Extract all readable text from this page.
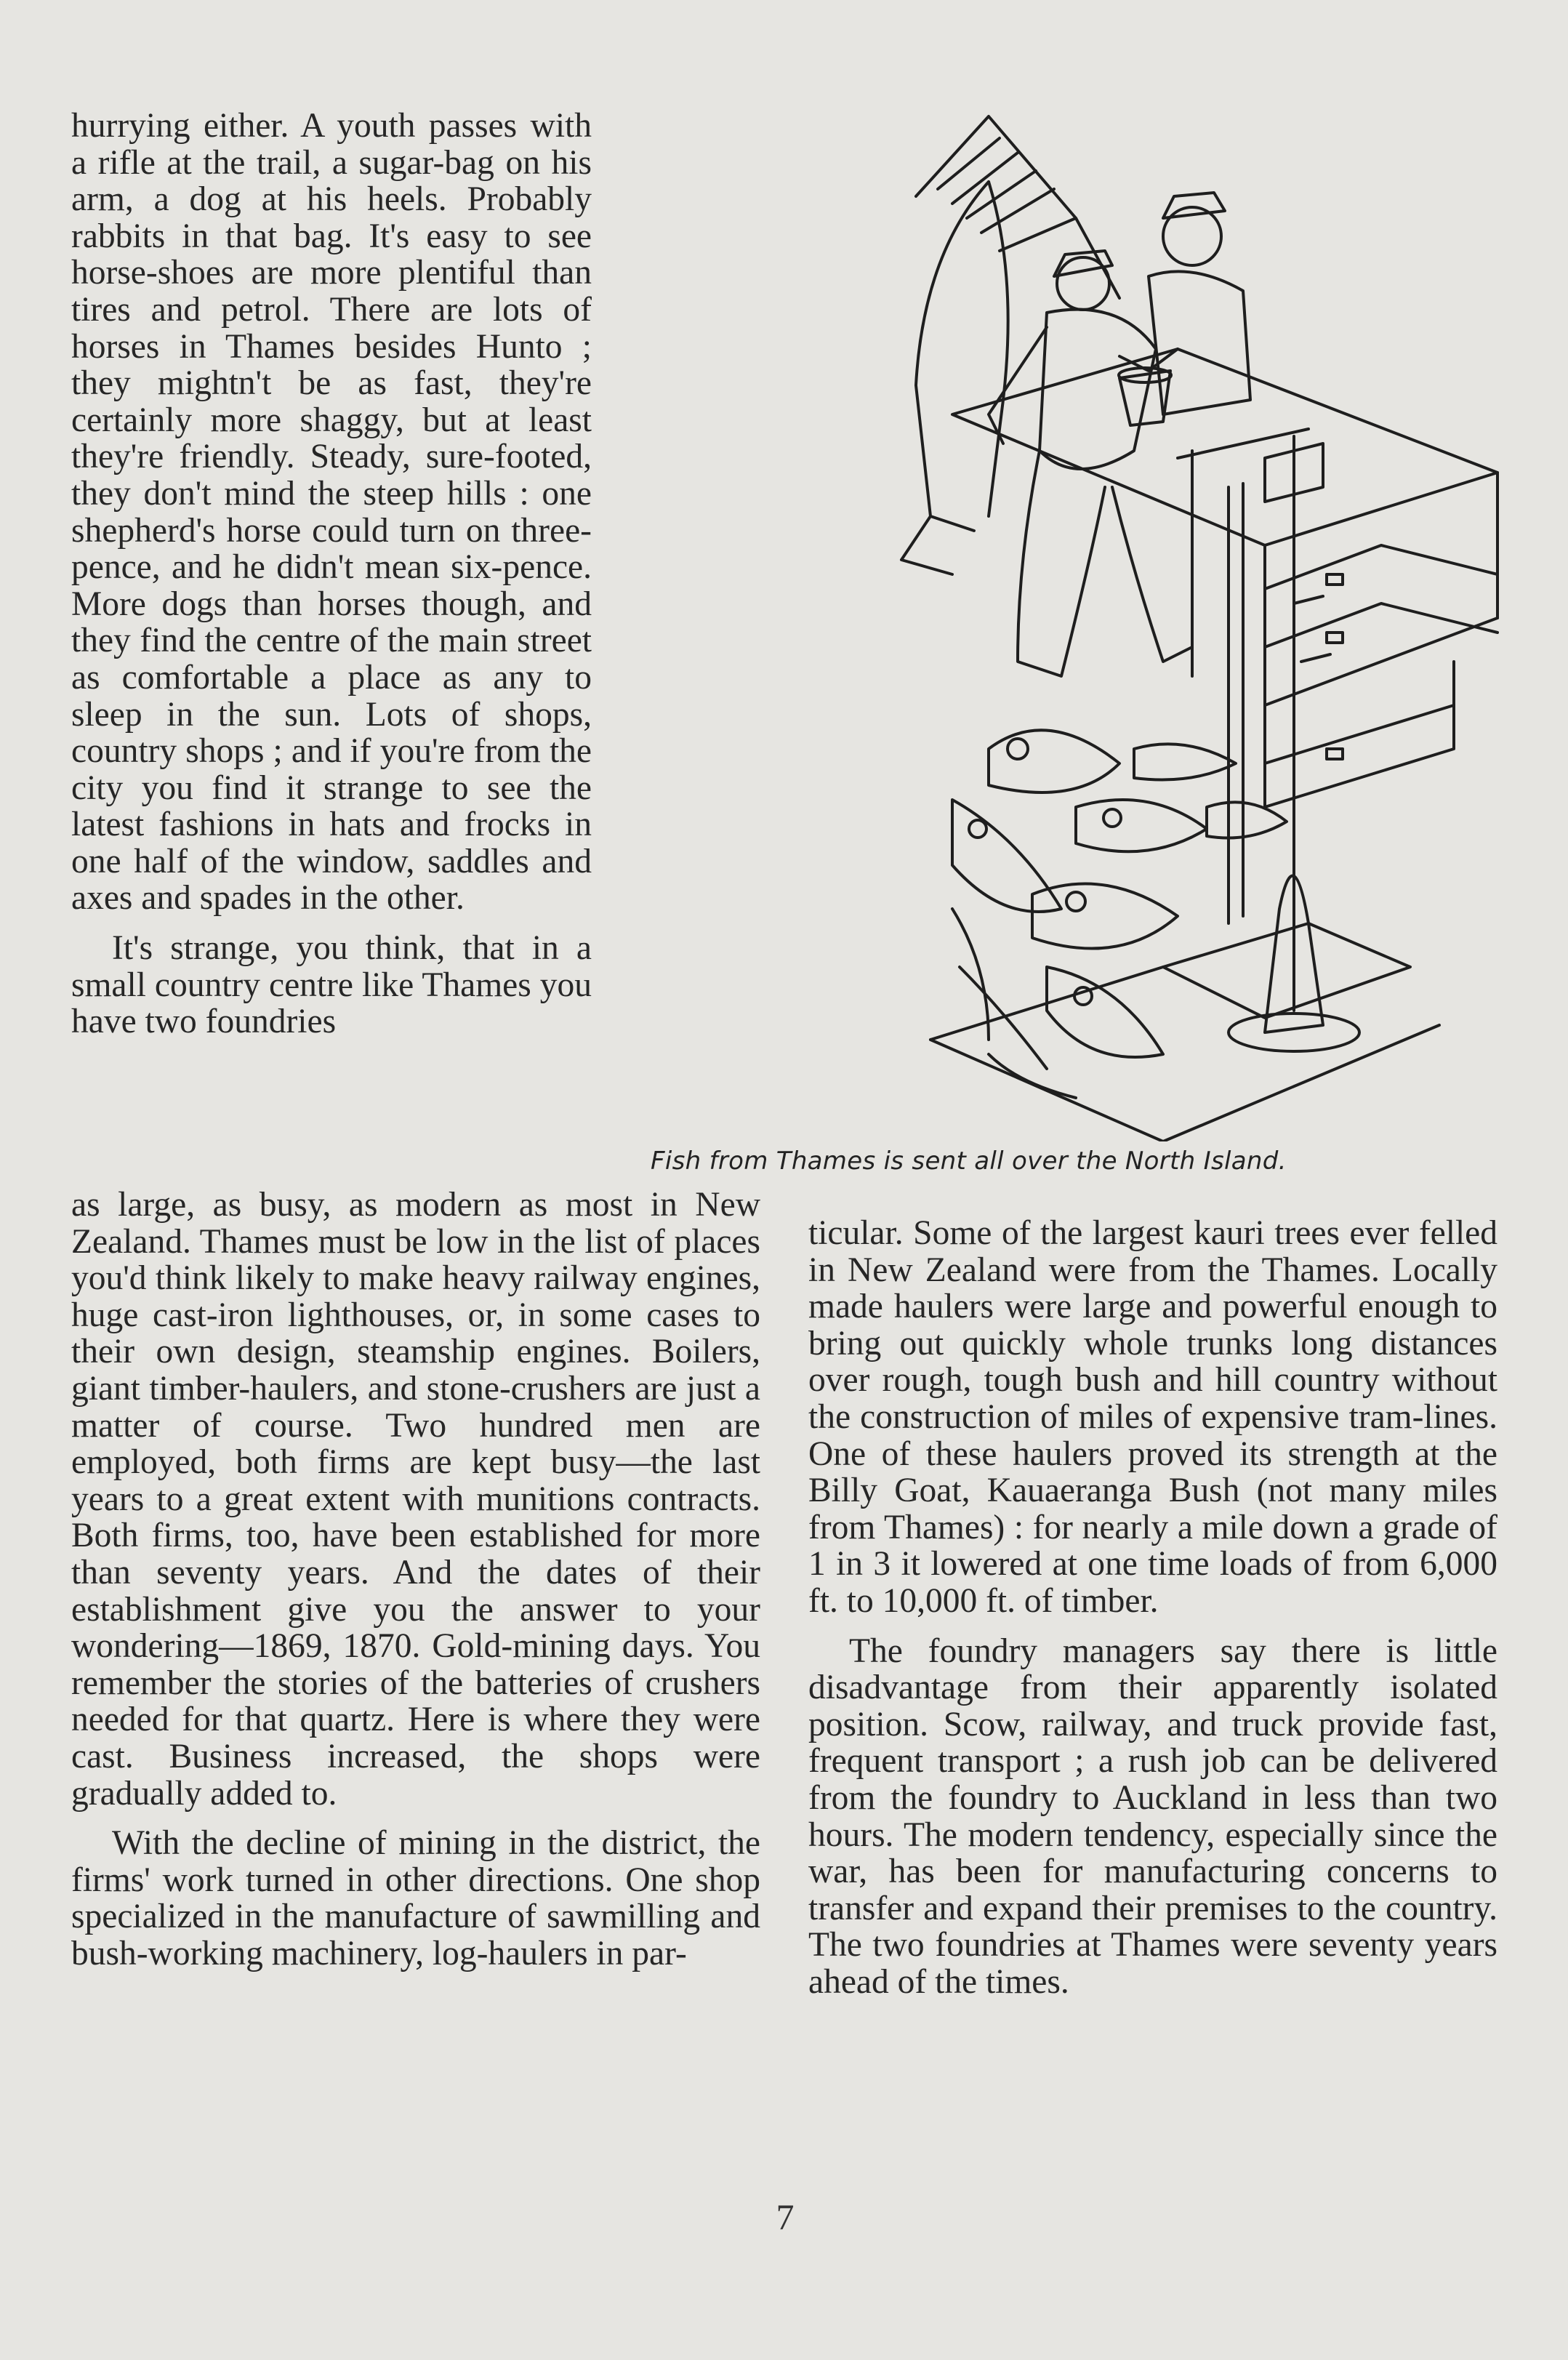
hurrying either. A youth passes with a rifle at the trail, a sugar-bag on his arm, a dog at his heels. Probably rabbits in that bag. It's easy to see horse-shoes are more plentiful than tires and petrol. There are lots of horses in Thames besides Hunto ; they mightn't be as fast, they're certainly more shaggy, but at least they're friendly. Steady, sure-footed, they don't mind the steep hills : one shepherd's horse could turn on three-pence, and he didn't mean six-pence. More dogs than horses though, and they find the centre of the main street as comfortable a place as any to sleep in the sun. Lots of shops, country shops ; and if you're from the city you find it strange to see the latest fashions in hats and frocks in one half of the window, saddles and axes and spades in the other.

It's strange, you think, that in a small country centre like Thames you have two foundries

Fish from Thames is sent all over the North Island.

as large, as busy, as modern as most in New Zealand. Thames must be low in the list of places you'd think likely to make heavy railway engines, huge cast-iron lighthouses, or, in some cases to their own design, steamship engines. Boilers, giant timber-haulers, and stone-crushers are just a matter of course. Two hundred men are employed, both firms are kept busy—the last years to a great extent with munitions contracts. Both firms, too, have been established for more than seventy years. And the dates of their establishment give you the answer to your wondering—1869, 1870. Gold-mining days. You remember the stories of the batteries of crushers needed for that quartz. Here is where they were cast. Business increased, the shops were gradually added to.

With the decline of mining in the district, the firms' work turned in other directions. One shop specialized in the manufacture of sawmilling and bush-working machinery, log-haulers in par-

ticular. Some of the largest kauri trees ever felled in New Zealand were from the Thames. Locally made haulers were large and powerful enough to bring out quickly whole trunks long distances over rough, tough bush and hill country without the construction of miles of expensive tram-lines. One of these haulers proved its strength at the Billy Goat, Kauaeranga Bush (not many miles from Thames) : for nearly a mile down a grade of 1 in 3 it lowered at one time loads of from 6,000 ft. to 10,000 ft. of timber.

The foundry managers say there is little disadvantage from their apparently isolated position. Scow, railway, and truck provide fast, frequent transport ; a rush job can be delivered from the foundry to Auckland in less than two hours. The modern tendency, especially since the war, has been for manufacturing concerns to transfer and expand their premises to the country. The two foundries at Thames were seventy years ahead of the times.

7
